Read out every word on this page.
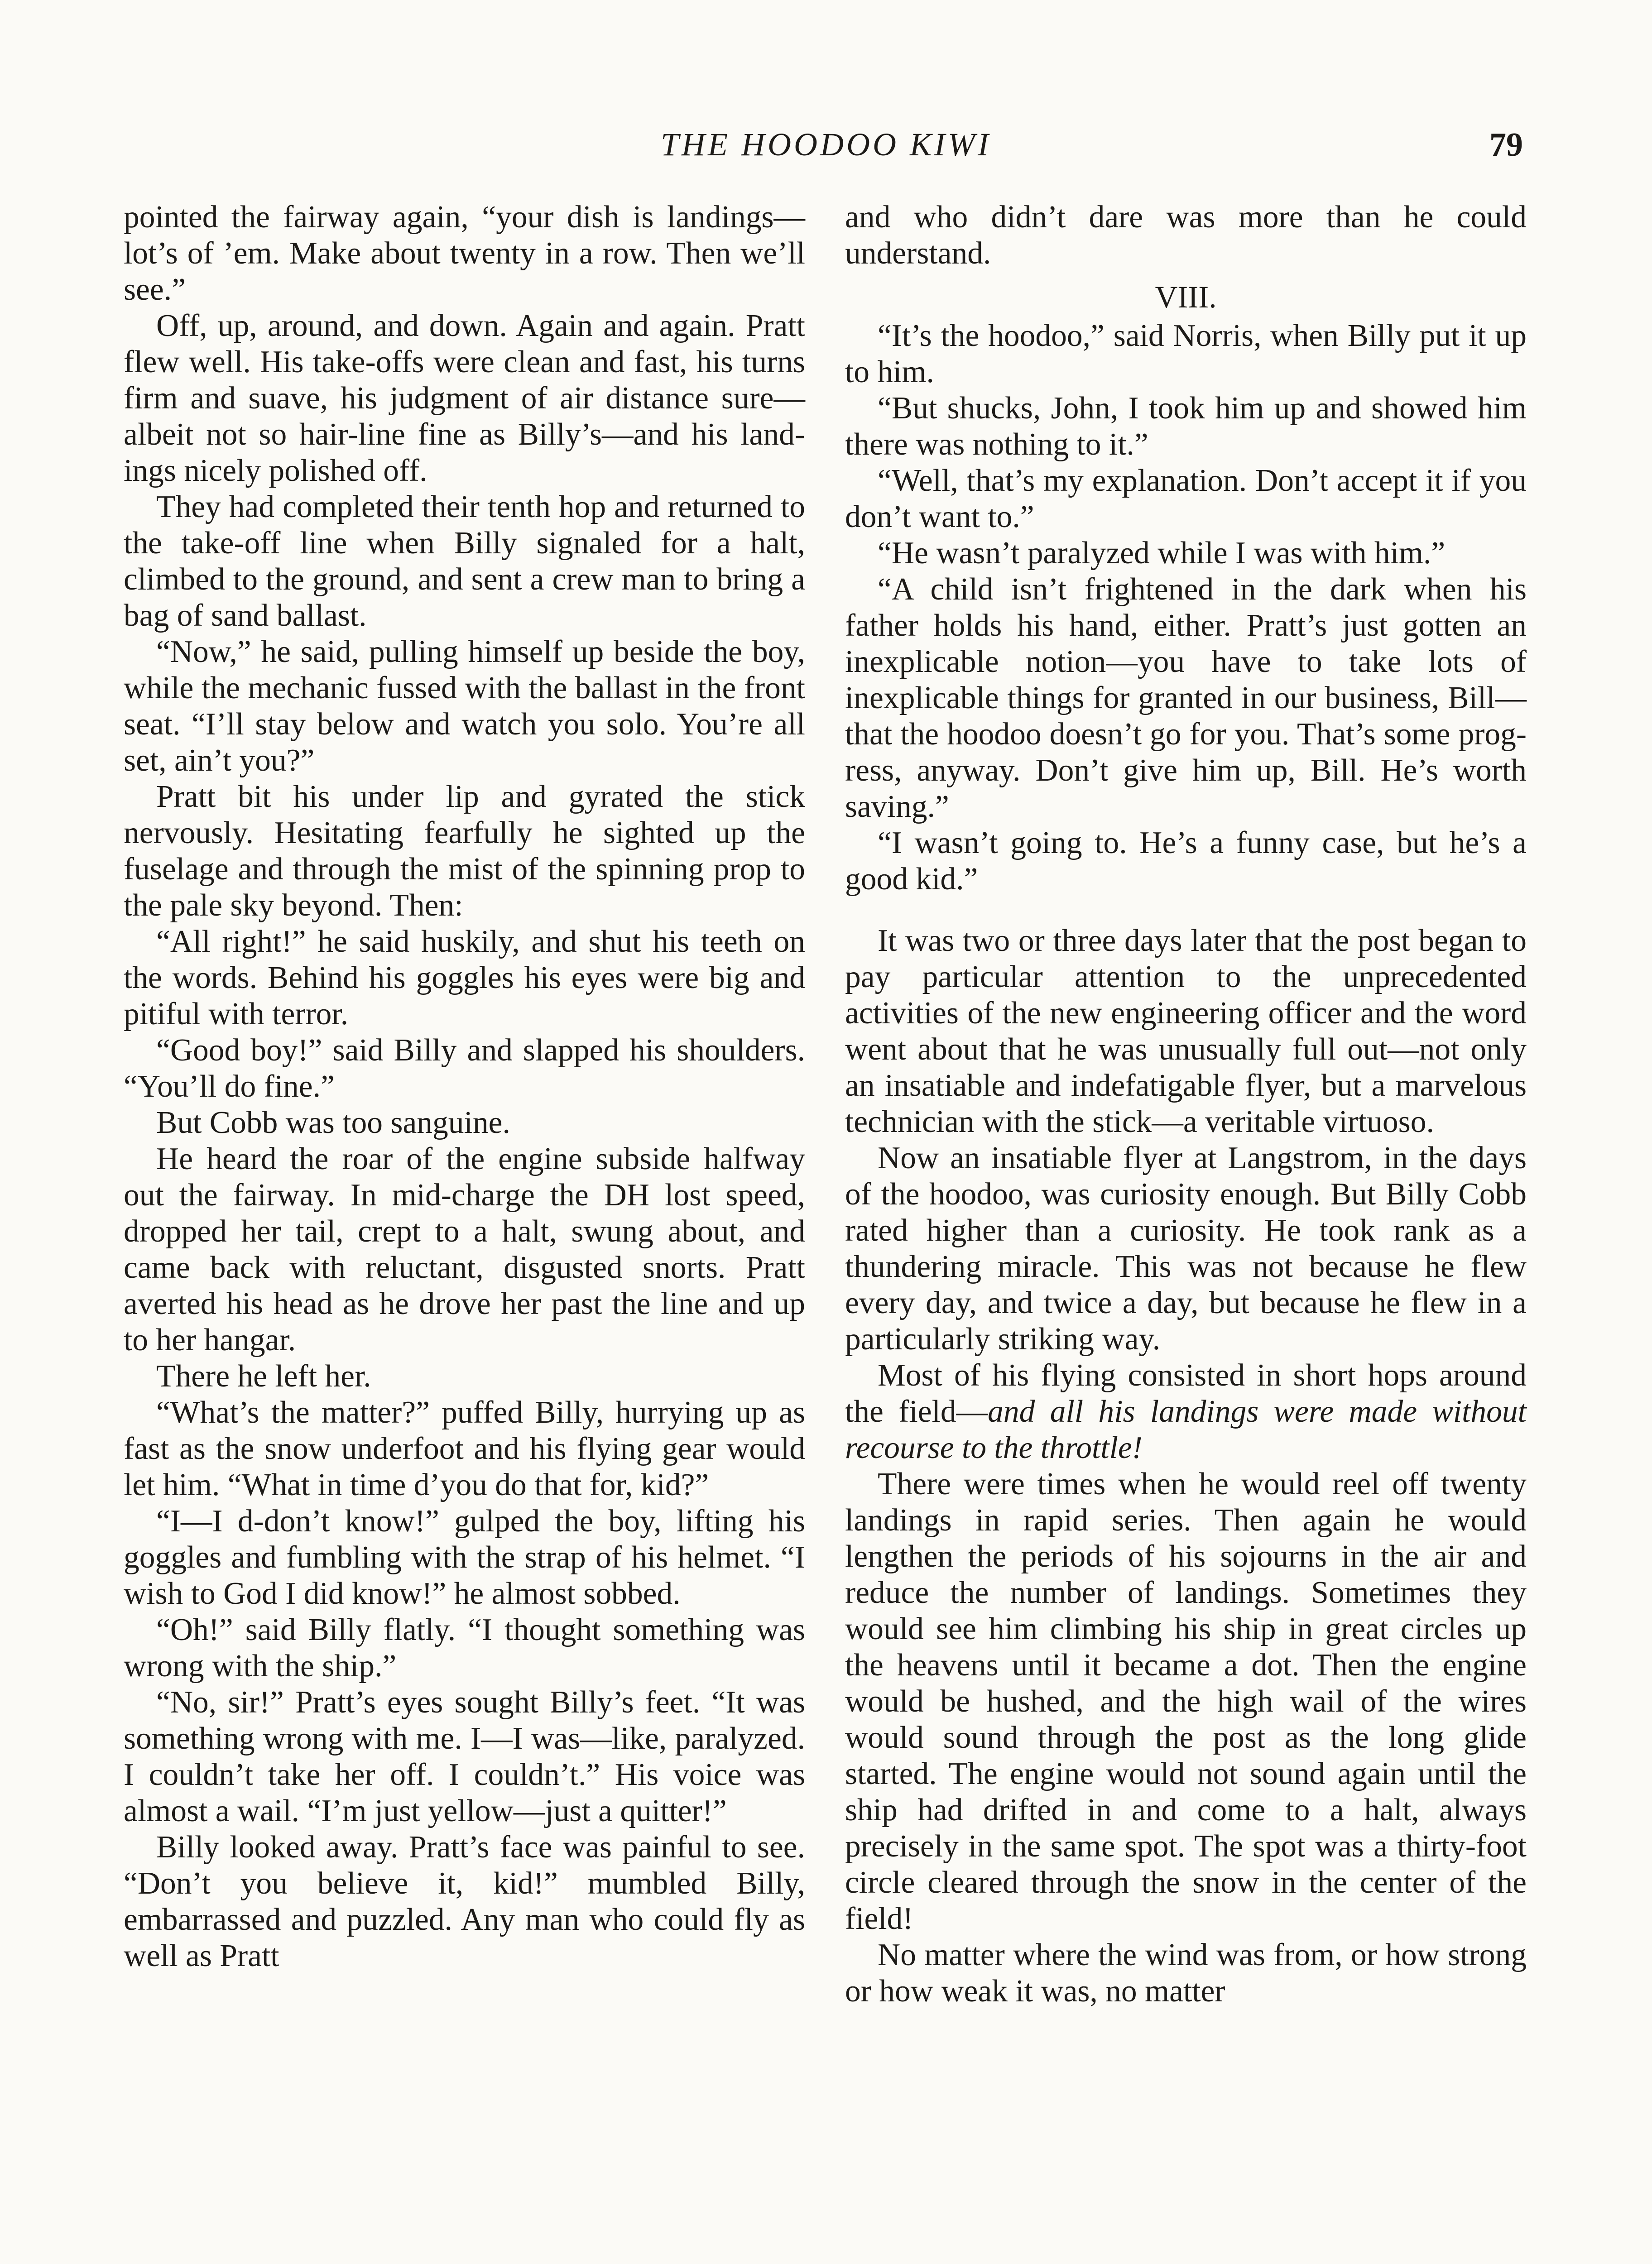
THE HOODOO KIWI	79

pointed the fairway again, “your dish is landings—lot’s of ’em. Make about twenty in a row. Then we’ll see.”

Off, up, around, and down. Again and again. Pratt flew well. His take-offs were clean and fast, his turns firm and suave, his judgment of air distance sure—albeit not so hair-line fine as Billy’s—and his landings nicely polished off.

They had completed their tenth hop and returned to the take-off line when Billy signaled for a halt, climbed to the ground, and sent a crew man to bring a bag of sand ballast.

“Now,” he said, pulling himself up beside the boy, while the mechanic fussed with the ballast in the front seat. “I’ll stay below and watch you solo. You’re all set, ain’t you?”

Pratt bit his under lip and gyrated the stick nervously. Hesitating fearfully he sighted up the fuselage and through the mist of the spinning prop to the pale sky beyond. Then:

“All right!” he said huskily, and shut his teeth on the words. Behind his goggles his eyes were big and pitiful with terror.

“Good boy!” said Billy and slapped his shoulders. “You’ll do fine.”

But Cobb was too sanguine.

He heard the roar of the engine subside halfway out the fairway. In mid-charge the DH lost speed, dropped her tail, crept to a halt, swung about, and came back with reluctant, disgusted snorts. Pratt averted his head as he drove her past the line and up to her hangar.

There he left her.

“What’s the matter?” puffed Billy, hurrying up as fast as the snow underfoot and his flying gear would let him. “What in time d’you do that for, kid?”

“I—I d-don’t know!” gulped the boy, lifting his goggles and fumbling with the strap of his helmet. “I wish to God I did know!” he almost sobbed.

“Oh!” said Billy flatly. “I thought something was wrong with the ship.”

“No, sir!” Pratt’s eyes sought Billy’s feet. “It was something wrong with me. I—I was—like, paralyzed. I couldn’t take her off. I couldn’t.” His voice was almost a wail. “I’m just yellow—just a quitter!”

Billy looked away. Pratt’s face was painful to see. “Don’t you believe it, kid!” mumbled Billy, embarrassed and puzzled. Any man who could fly as well as Pratt

and who didn’t dare was more than he could understand.

VIII.

“It’s the hoodoo,” said Norris, when Billy put it up to him.

“But shucks, John, I took him up and showed him there was nothing to it.”

“Well, that’s my explanation. Don’t accept it if you don’t want to.”

“He wasn’t paralyzed while I was with him.”

“A child isn’t frightened in the dark when his father holds his hand, either. Pratt’s just gotten an inexplicable notion—you have to take lots of inexplicable things for granted in our business, Bill—that the hoodoo doesn’t go for you. That’s some progress, anyway. Don’t give him up, Bill. He’s worth saving.”

“I wasn’t going to. He’s a funny case, but he’s a good kid.”

It was two or three days later that the post began to pay particular attention to the unprecedented activities of the new engineering officer and the word went about that he was unusually full out—not only an insatiable and indefatigable flyer, but a marvelous technician with the stick—a veritable virtuoso.

Now an insatiable flyer at Langstrom, in the days of the hoodoo, was curiosity enough. But Billy Cobb rated higher than a curiosity. He took rank as a thundering miracle. This was not because he flew every day, and twice a day, but because he flew in a particularly striking way.

Most of his flying consisted in short hops around the field—and all his landings were made without recourse to the throttle!

There were times when he would reel off twenty landings in rapid series. Then again he would lengthen the periods of his sojourns in the air and reduce the number of landings. Sometimes they would see him climbing his ship in great circles up the heavens until it became a dot. Then the engine would be hushed, and the high wail of the wires would sound through the post as the long glide started. The engine would not sound again until the ship had drifted in and come to a halt, always precisely in the same spot. The spot was a thirty-foot circle cleared through the snow in the center of the field!

No matter where the wind was from, or how strong or how weak it was, no matter
